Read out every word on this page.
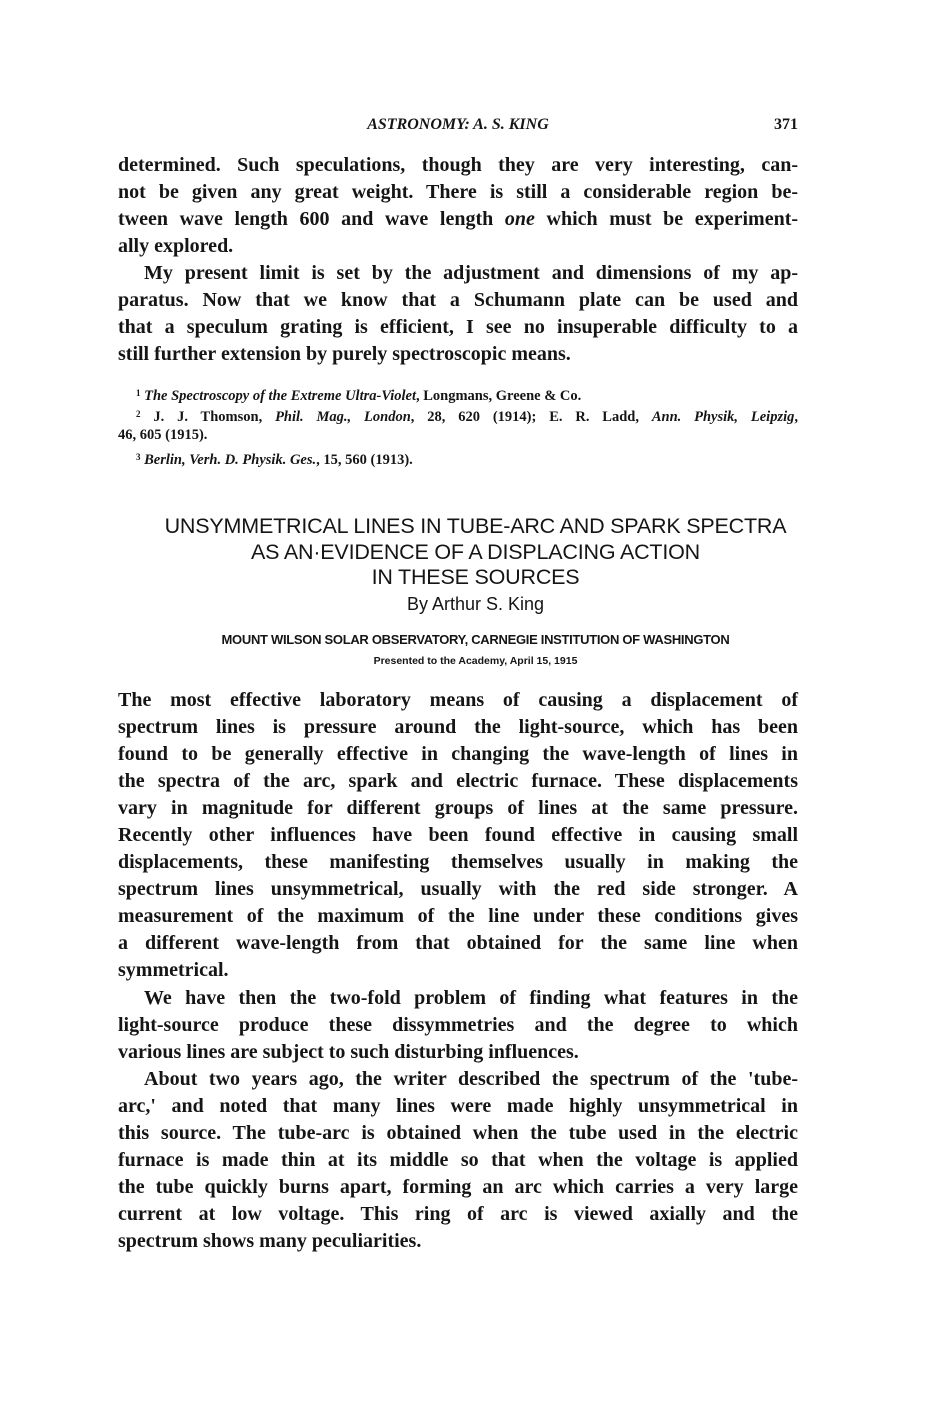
ASTRONOMY: A. S. KING	371
determined. Such speculations, though they are very interesting, can-
not be given any great weight. There is still a considerable region be-
tween wave length 600 and wave length one which must be experiment-
ally explored.
My present limit is set by the adjustment and dimensions of my ap-
paratus. Now that we know that a Schumann plate can be used and
that a speculum grating is efficient, I see no insuperable difficulty to a
still further extension by purely spectroscopic means.
$^1$ The Spectroscopy of the Extreme Ultra-Violet, Longmans, Greene & Co.
$^2$ J. J. Thomson, Phil. Mag., London, 28, 620 (1914); E. R. Ladd, Ann. Physik, Leipzig,
46, 605 (1915).
$^3$ Berlin, Verh. D. Physik. Ges., 15, 560 (1913).
UNSYMMETRICAL LINES IN TUBE-ARC AND SPARK SPECTRA
AS AN·EVIDENCE OF A DISPLACING ACTION
IN THESE SOURCES
By Arthur S. King
MOUNT WILSON SOLAR OBSERVATORY, CARNEGIE INSTITUTION OF WASHINGTON
Presented to the Academy, April 15, 1915
The most effective laboratory means of causing a displacement of
spectrum lines is pressure around the light-source, which has been
found to be generally effective in changing the wave-length of lines in
the spectra of the arc, spark and electric furnace. These displacements
vary in magnitude for different groups of lines at the same pressure.
Recently other influences have been found effective in causing small
displacements, these manifesting themselves usually in making the
spectrum lines unsymmetrical, usually with the red side stronger. A
measurement of the maximum of the line under these conditions gives
a different wave-length from that obtained for the same line when
symmetrical.
We have then the two-fold problem of finding what features in the
light-source produce these dissymmetries and the degree to which
various lines are subject to such disturbing influences.
About two years ago, the writer described the spectrum of the 'tube-
arc,' and noted that many lines were made highly unsymmetrical in
this source. The tube-arc is obtained when the tube used in the electric
furnace is made thin at its middle so that when the voltage is applied
the tube quickly burns apart, forming an arc which carries a very large
current at low voltage. This ring of arc is viewed axially and the
spectrum shows many peculiarities.
